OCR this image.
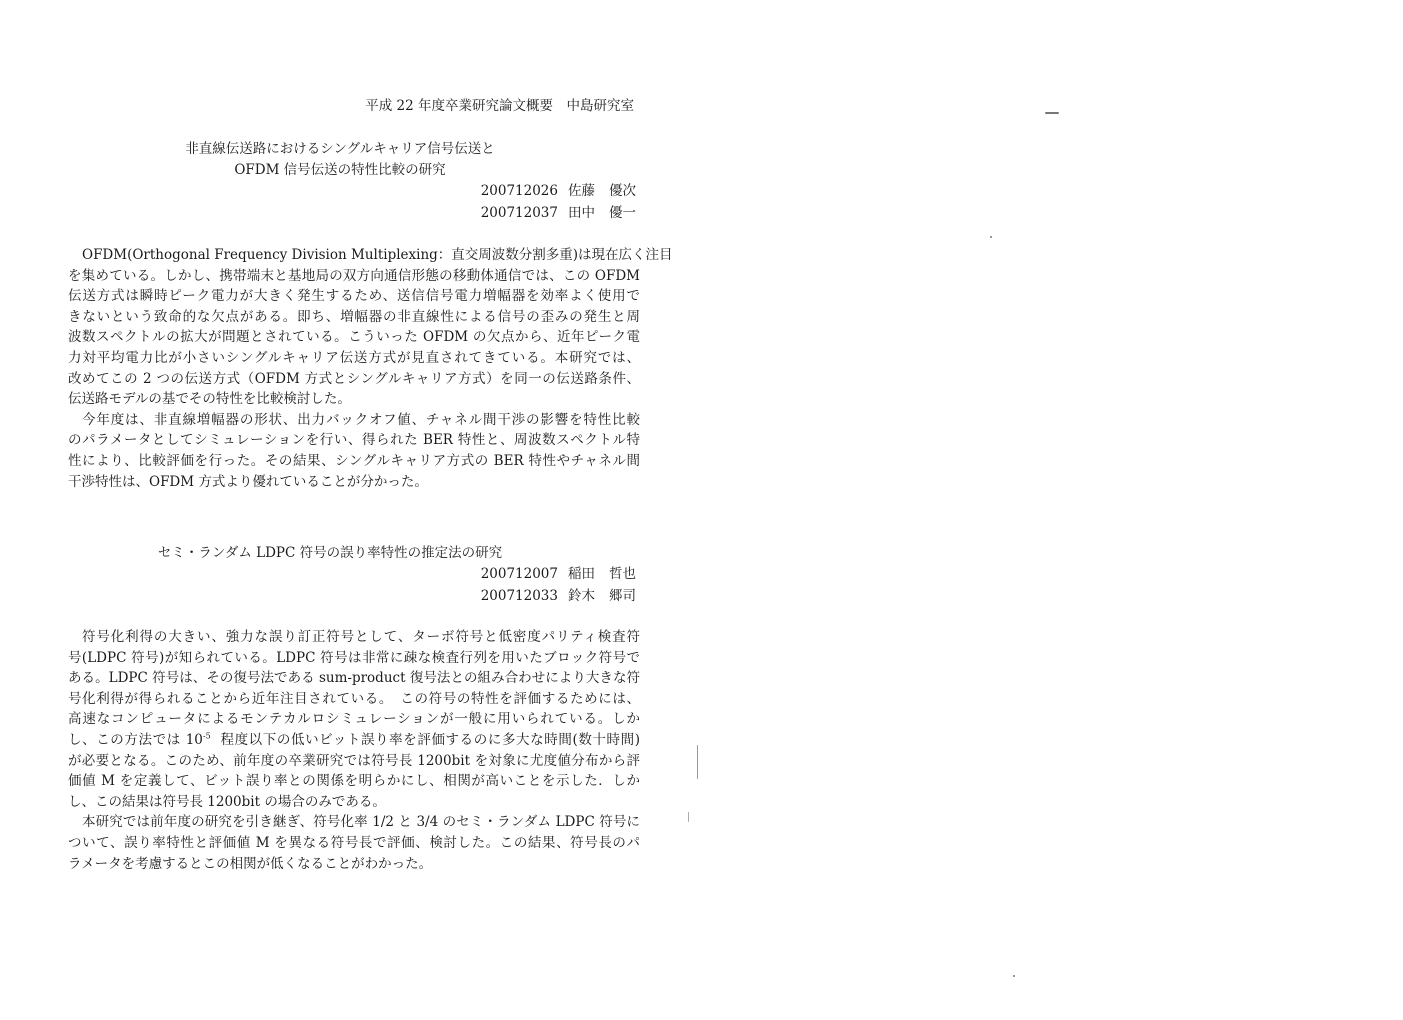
平成 22 年度卒業研究論文概要　中島研究室
非直線伝送路におけるシングルキャリア信号伝送と
OFDM 信号伝送の特性比較の研究
200712026 佐藤 優次
200712037 田中 優一
OFDM(Orthogonal Frequency Division Multiplexing：直交周波数分割多重)は現在広く注目
を集めている。しかし、携帯端末と基地局の双方向通信形態の移動体通信では、この OFDM
伝送方式は瞬時ピーク電力が大きく発生するため、送信信号電力増幅器を効率よく使用で
きないという致命的な欠点がある。即ち、増幅器の非直線性による信号の歪みの発生と周
波数スペクトルの拡大が問題とされている。こういった OFDM の欠点から、近年ピーク電
力対平均電力比が小さいシングルキャリア伝送方式が見直されてきている。本研究では、
改めてこの 2 つの伝送方式（OFDM 方式とシングルキャリア方式）を同一の伝送路条件、
伝送路モデルの基でその特性を比較検討した。
今年度は、非直線増幅器の形状、出力バックオフ値、チャネル間干渉の影響を特性比較
のパラメータとしてシミュレーションを行い、得られた BER 特性と、周波数スペクトル特
性により、比較評価を行った。その結果、シングルキャリア方式の BER 特性やチャネル間
干渉特性は、OFDM 方式より優れていることが分かった。
セミ・ランダム LDPC 符号の誤り率特性の推定法の研究
200712007 稲田 哲也
200712033 鈴木 郷司
符号化利得の大きい、強力な誤り訂正符号として、ターボ符号と低密度パリティ検査符
号(LDPC 符号)が知られている。LDPC 符号は非常に疎な検査行列を用いたブロック符号で
ある。LDPC 符号は、その復号法である sum-product 復号法との組み合わせにより大きな符
号化利得が得られることから近年注目されている。　この符号の特性を評価するためには、
高速なコンピュータによるモンテカルロシミュレーションが一般に用いられている。しか
し、この方法では $10^{-5}$  程度以下の低いビット誤り率を評価するのに多大な時間(数十時間)
が必要となる。このため、前年度の卒業研究では符号長 1200bit を対象に尤度値分布から評
価値 M を定義して、ビット誤り率との関係を明らかにし、相関が高いことを示した．しか
し、この結果は符号長 1200bit の場合のみである。
本研究では前年度の研究を引き継ぎ、符号化率 1/2 と 3/4 のセミ・ランダム LDPC 符号に
ついて、誤り率特性と評価値 M を異なる符号長で評価、検討した。この結果、符号長のパ
ラメータを考慮するとこの相関が低くなることがわかった。
